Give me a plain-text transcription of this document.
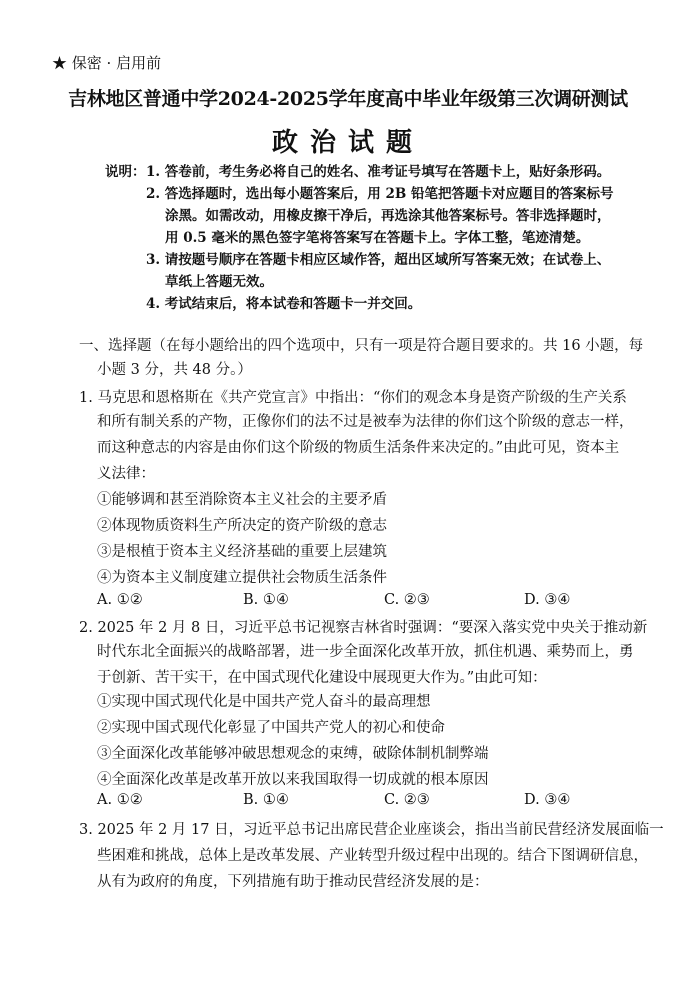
★ 保密 · 启用前
吉林地区普通中学2024-2025学年度高中毕业年级第三次调研测试
政治试题
说明： 1. 答卷前，考生务必将自己的姓名、准考证号填写在答题卡上，贴好条形码。
2. 答选择题时，选出每小题答案后，用 2B 铅笔把答题卡对应题目的答案标号
涂黑。如需改动，用橡皮擦干净后，再选涂其他答案标号。答非选择题时，
用 0.5 毫米的黑色签字笔将答案写在答题卡上。字体工整，笔迹清楚。
3. 请按题号顺序在答题卡相应区域作答，超出区域所写答案无效；在试卷上、
草纸上答题无效。
4. 考试结束后，将本试卷和答题卡一并交回。
一、选择题（在每小题给出的四个选项中，只有一项是符合题目要求的。共 16 小题，每
小题 3 分，共 48 分。）
1. 马克思和恩格斯在《共产党宣言》中指出：“你们的观念本身是资产阶级的生产关系
和所有制关系的产物，正像你们的法不过是被奉为法律的你们这个阶级的意志一样，
而这种意志的内容是由你们这个阶级的物质生活条件来决定的。”由此可见，资本主
义法律：
①能够调和甚至消除资本主义社会的主要矛盾
②体现物质资料生产所决定的资产阶级的意志
③是根植于资本主义经济基础的重要上层建筑
④为资本主义制度建立提供社会物质生活条件
A. ①②	B. ①④	C. ②③	D. ③④
2. 2025 年 2 月 8 日，习近平总书记视察吉林省时强调：“要深入落实党中央关于推动新
时代东北全面振兴的战略部署，进一步全面深化改革开放，抓住机遇、乘势而上，勇
于创新、苦干实干，在中国式现代化建设中展现更大作为。”由此可知：
①实现中国式现代化是中国共产党人奋斗的最高理想
②实现中国式现代化彰显了中国共产党人的初心和使命
③全面深化改革能够冲破思想观念的束缚，破除体制机制弊端
④全面深化改革是改革开放以来我国取得一切成就的根本原因
A. ①②	B. ①④	C. ②③	D. ③④
3. 2025 年 2 月 17 日，习近平总书记出席民营企业座谈会，指出当前民营经济发展面临一
些困难和挑战，总体上是改革发展、产业转型升级过程中出现的。结合下图调研信息，
从有为政府的角度，下列措施有助于推动民营经济发展的是：
